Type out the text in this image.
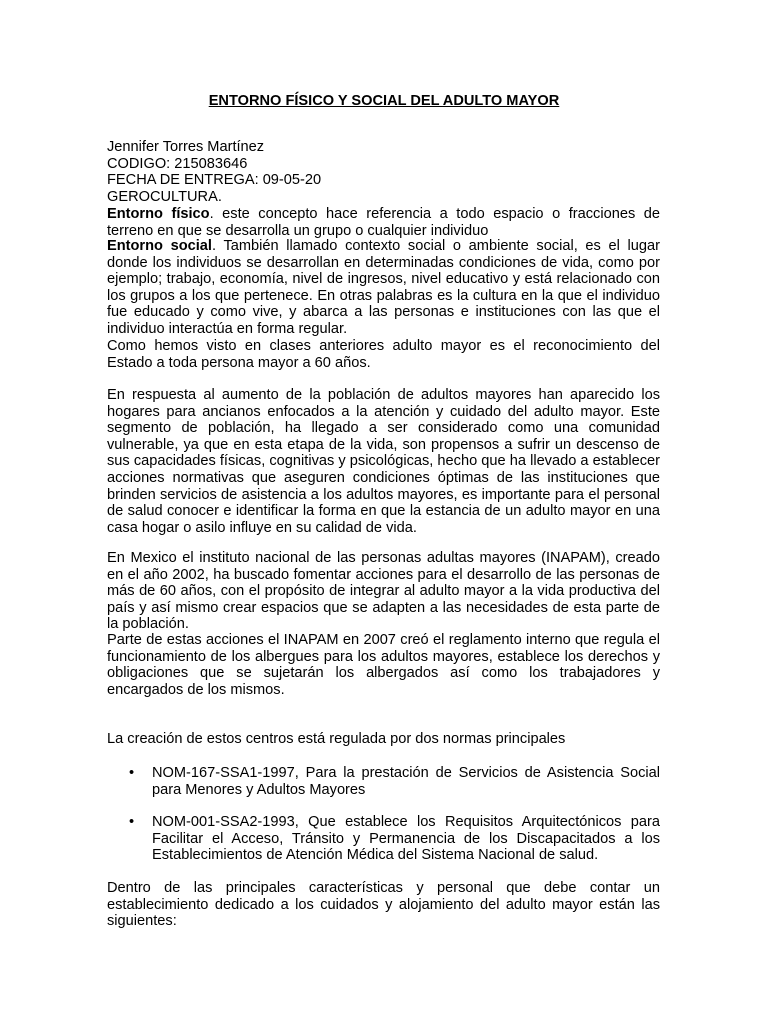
ENTORNO FÍSICO Y SOCIAL DEL ADULTO MAYOR
Jennifer Torres Martínez
CODIGO: 215083646
FECHA DE ENTREGA: 09-05-20
GEROCULTURA.

Entorno físico. este concepto hace referencia a todo espacio o fracciones de terreno en que se desarrolla un grupo o cualquier individuo

Entorno social. También llamado contexto social o ambiente social, es el lugar donde los individuos se desarrollan en determinadas condiciones de vida, como por ejemplo; trabajo, economía, nivel de ingresos, nivel educativo y está relacionado con los grupos a los que pertenece. En otras palabras es la cultura en la que el individuo fue educado y como vive, y abarca a las personas e instituciones con las que el individuo interactúa en forma regular.

Como hemos visto en clases anteriores adulto mayor es el reconocimiento del Estado a toda persona mayor a 60 años.

En respuesta al aumento de la población de adultos mayores han aparecido los hogares para ancianos enfocados a la atención y cuidado del adulto mayor. Este segmento de población, ha llegado a ser considerado como una comunidad vulnerable, ya que en esta etapa de la vida, son propensos a sufrir un descenso de sus capacidades físicas, cognitivas y psicológicas, hecho que ha llevado a establecer acciones normativas que aseguren condiciones óptimas de las instituciones que brinden servicios de asistencia a los adultos mayores, es importante para el personal de salud conocer e identificar la forma en que la estancia de un adulto mayor en una casa hogar o asilo influye en su calidad de vida.

En Mexico el instituto nacional de las personas adultas mayores (INAPAM), creado en el año 2002, ha buscado fomentar acciones para el desarrollo de las personas de más de 60 años, con el propósito de integrar al adulto mayor a la vida productiva del país y así mismo crear espacios que se adapten a las necesidades de esta parte de la población.

Parte de estas acciones el INAPAM en 2007 creó el reglamento interno que regula el funcionamiento de los albergues para los adultos mayores, establece los derechos y obligaciones que se sujetarán los albergados así como los trabajadores y encargados de los mismos.

La creación de estos centros está regulada por dos normas principales

• NOM-167-SSA1-1997, Para la prestación de Servicios de Asistencia Social para Menores y Adultos Mayores
• NOM-001-SSA2-1993, Que establece los Requisitos Arquitectónicos para Facilitar el Acceso, Tránsito y Permanencia de los Discapacitados a los Establecimientos de Atención Médica del Sistema Nacional de salud.

Dentro de las principales características y personal que debe contar un establecimiento dedicado a los cuidados y alojamiento del adulto mayor están las siguientes:
